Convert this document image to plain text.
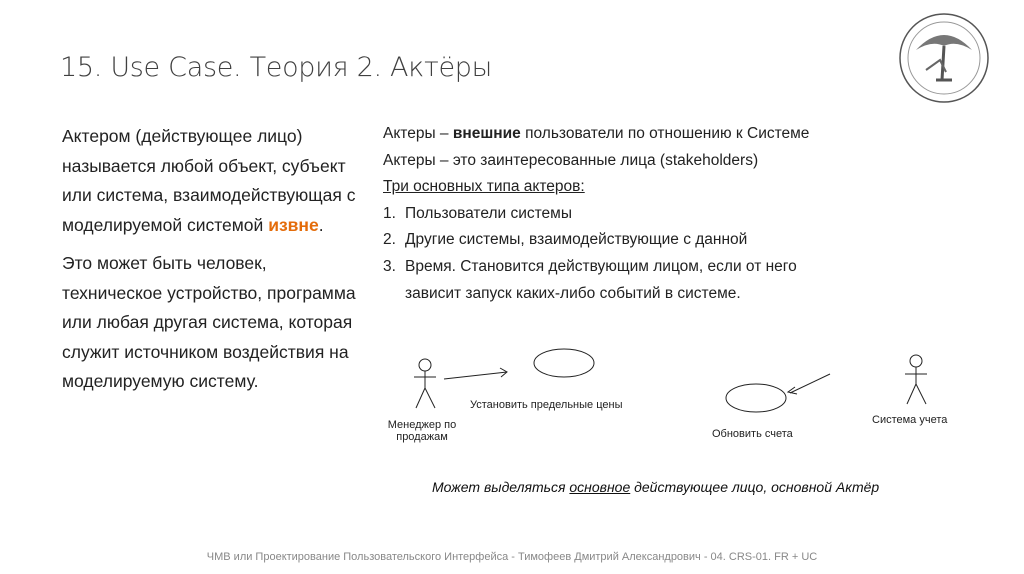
15. Use Case. Теория 2. Актёры

Актером (действующее лицо) называется любой объект, субъект или система, взаимодействующая с моделируемой системой извне.

Это может быть человек, техническое устройство, программа или любая другая система, которая служит источником воздействия на моделируемую систему.

Актеры – внешние пользователи по отношению к Системе
Актеры – это заинтересованные лица (stakeholders)
Три основных типа актеров:
1. Пользователи системы
2. Другие системы, взаимодействующие с данной
3. Время. Становится действующим лицом, если от него
зависит запуск каких-либо событий в системе.
Менеджер по продажам
Установить предельные цены
Обновить счета
Система учета
Может выделяться основное действующее лицо, основной Актёр
ЧМВ или Проектирование Пользовательского Интерфейса - Тимофеев Дмитрий Александрович - 04. CRS-01. FR + UC
